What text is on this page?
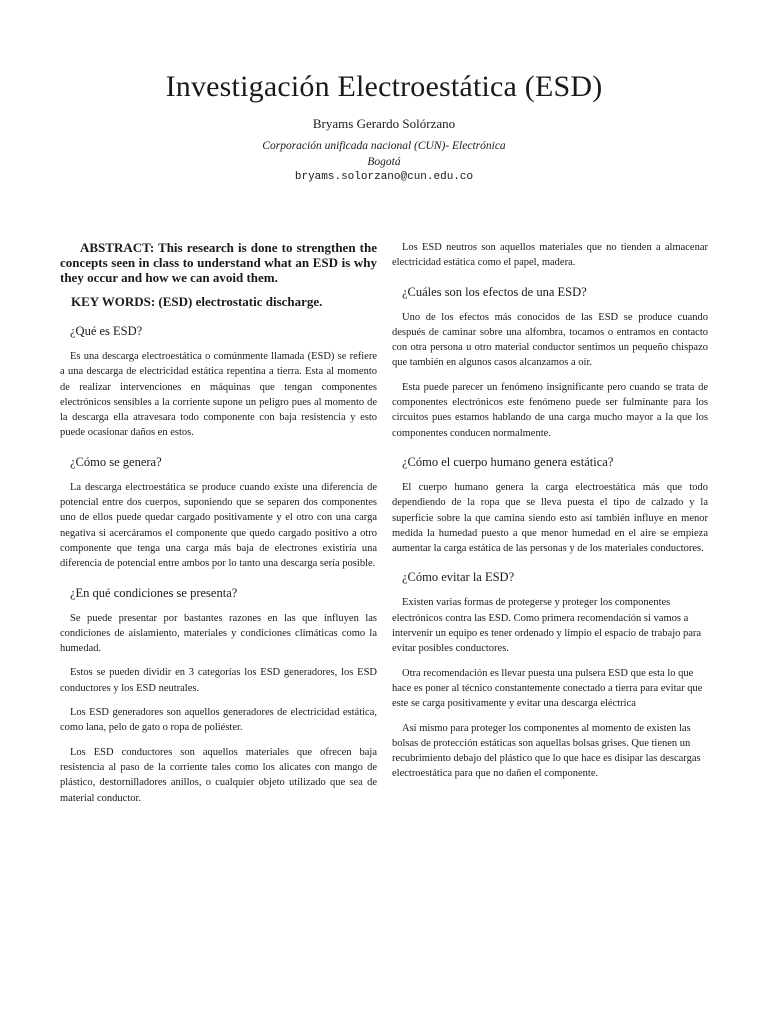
Investigación Electroestática (ESD)
Bryams Gerardo Solórzano
Corporación unificada nacional (CUN)- Electrónica
Bogotá
bryams.solorzano@cun.edu.co

ABSTRACT: This research is done to strengthen the concepts seen in class to understand what an ESD is why they occur and how we can avoid them.

KEY WORDS: (ESD) electrostatic discharge.

¿Qué es ESD?

Es una descarga electroestática o comúnmente llamada (ESD) se refiere a una descarga de electricidad estática repentina a tierra. Esta al momento de realizar intervenciones en máquinas que tengan componentes electrónicos sensibles a la corriente supone un peligro pues al momento de la descarga ella atravesara todo componente con baja resistencia y esto puede ocasionar daños en estos.

¿Cómo se genera?

La descarga electroestática se produce cuando existe una diferencia de potencial entre dos cuerpos, suponiendo que se separen dos componentes uno de ellos puede quedar cargado positivamente y el otro con una carga negativa si acercáramos el componente que quedo cargado positivo a otro componente que tenga una carga más baja de electrones existiría una diferencia de potencial entre ambos por lo tanto una descarga sería posible.

¿En qué condiciones se presenta?

Se puede presentar por bastantes razones en las que influyen las condiciones de aislamiento, materiales y condiciones climáticas como la humedad.

Estos se pueden dividir en 3 categorías los ESD generadores, los ESD conductores y los ESD neutrales.

Los ESD generadores son aquellos generadores de electricidad estática, como lana, pelo de gato o ropa de poliéster.

Los ESD conductores son aquellos materiales que ofrecen baja resistencia al paso de la corriente tales como los alicates con mango de plástico, destornilladores anillos, o cualquier objeto utilizado que sea de material conductor.

Los ESD neutros son aquellos materiales que no tienden a almacenar electricidad estática como el papel, madera.

¿Cuáles son los efectos de una ESD?

Uno de los efectos más conocidos de las ESD se produce cuando después de caminar sobre una alfombra, tocamos o entramos en contacto con otra persona u otro material conductor sentimos un pequeño chispazo que también en algunos casos alcanzamos a oír.

Esta puede parecer un fenómeno insignificante pero cuando se trata de componentes electrónicos este fenómeno puede ser fulminante para los circuitos pues estamos hablando de una carga mucho mayor a la que los componentes conducen normalmente.

¿Cómo el cuerpo humano genera estática?

El cuerpo humano genera la carga electroestática más que todo dependiendo de la ropa que se lleva puesta el tipo de calzado y la superficie sobre la que camina siendo esto así también influye en menor medida la humedad puesto a que menor humedad en el aire se empieza aumentar la carga estática de las personas y de los materiales conductores.

¿Cómo evitar la ESD?

Existen varias formas de protegerse y proteger los componentes electrónicos contra las ESD. Como primera recomendación si vamos a intervenir un equipo es tener ordenado y limpio el espacio de trabajo para evitar posibles conductores.

Otra recomendación es llevar puesta una pulsera ESD que esta lo que hace es poner al técnico constantemente conectado a tierra para evitar que este se carga positivamente y evitar una descarga eléctrica

Así mismo para proteger los componentes al momento de existen las bolsas de protección estáticas son aquellas bolsas grises. Que tienen un recubrimiento debajo del plástico que lo que hace es disipar las descargas electroestática para que no dañen el componente.
